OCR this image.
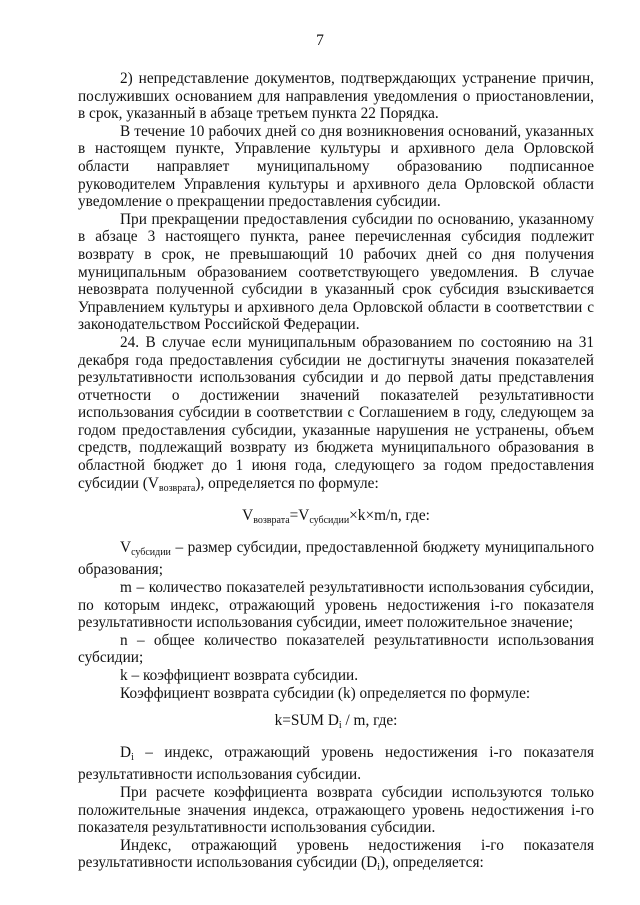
7

2) непредставление документов, подтверждающих устранение причин, послуживших основанием для направления уведомления о приостановлении, в срок, указанный в абзаце третьем пункта 22 Порядка.

В течение 10 рабочих дней со дня возникновения оснований, указанных в настоящем пункте, Управление культуры и архивного дела Орловской области направляет муниципальному образованию подписанное руководителем Управления культуры и архивного дела Орловской области уведомление о прекращении предоставления субсидии.

При прекращении предоставления субсидии по основанию, указанному в абзаце 3 настоящего пункта, ранее перечисленная субсидия подлежит возврату в срок, не превышающий 10 рабочих дней со дня получения муниципальным образованием соответствующего уведомления. В случае невозврата полученной субсидии в указанный срок субсидия взыскивается Управлением культуры и архивного дела Орловской области в соответствии с законодательством Российской Федерации.

24. В случае если муниципальным образованием по состоянию на 31 декабря года предоставления субсидии не достигнуты значения показателей результативности использования субсидии и до первой даты представления отчетности о достижении значений показателей результативности использования субсидии в соответствии с Соглашением в году, следующем за годом предоставления субсидии, указанные нарушения не устранены, объем средств, подлежащий возврату из бюджета муниципального образования в областной бюджет до 1 июня года, следующего за годом предоставления субсидии $(V_{возврата})$, определяется по формуле:

$V_{возврата}=V_{субсидии}\times k\times m/n$, где:

$V_{субсидии}$ – размер субсидии, предоставленной бюджету муниципального образования;

m – количество показателей результативности использования субсидии, по которым индекс, отражающий уровень недостижения i-го показателя результативности использования субсидии, имеет положительное значение;

n – общее количество показателей результативности использования субсидии;

k – коэффициент возврата субсидии.

Коэффициент возврата субсидии (k) определяется по формуле:

k=SUM $D_i$ / m, где:

$D_i$ – индекс, отражающий уровень недостижения i-го показателя результативности использования субсидии.

При расчете коэффициента возврата субсидии используются только положительные значения индекса, отражающего уровень недостижения i-го показателя результативности использования субсидии.

Индекс, отражающий уровень недостижения i-го показателя результативности использования субсидии $(D_i)$, определяется:
